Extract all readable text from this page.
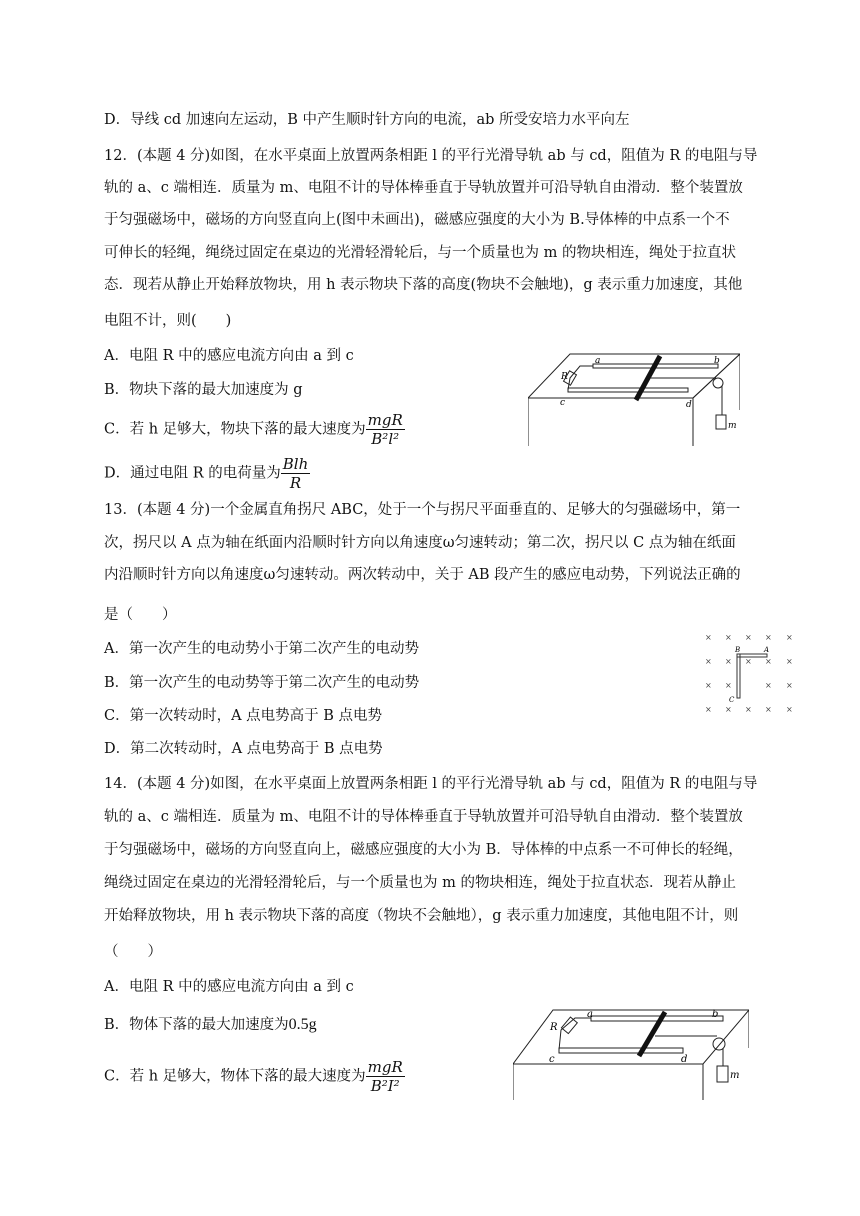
D．导线 cd 加速向左运动，B 中产生顺时针方向的电流，ab 所受安培力水平向左
12．(本题 4 分)如图，在水平桌面上放置两条相距 l 的平行光滑导轨 ab 与 cd，阻值为 R 的电阻与导
轨的 a、c 端相连．质量为 m、电阻不计的导体棒垂直于导轨放置并可沿导轨自由滑动．整个装置放
于匀强磁场中，磁场的方向竖直向上(图中未画出)，磁感应强度的大小为 B.导体棒的中点系一个不
可伸长的轻绳，绳绕过固定在桌边的光滑轻滑轮后，与一个质量也为 m 的物块相连，绳处于拉直状
态．现若从静止开始释放物块，用 h 表示物块下落的高度(物块不会触地)，g 表示重力加速度，其他
电阻不计，则(　　)
A．电阻 R 中的感应电流方向由 a 到 c
B．物块下落的最大加速度为 g
C．若 h 足够大，物块下落的最大速度为 $\frac{\text{mgR}}{\text{B²l²}}$
D．通过电阻 R 的电荷量为 $\frac{\text{Blh}}{R}$
a	b
c	d
R
m
13．(本题 4 分)一个金属直角拐尺 ABC，处于一个与拐尺平面垂直的、足够大的匀强磁场中，第一
次，拐尺以 A 点为轴在纸面内沿顺时针方向以角速度ω匀速转动；第二次，拐尺以 C 点为轴在纸面
内沿顺时针方向以角速度ω匀速转动。两次转动中，关于 AB 段产生的感应电动势，下列说法正确的
是（　　）
A．第一次产生的电动势小于第二次产生的电动势
B．第一次产生的电动势等于第二次产生的电动势
C．第一次转动时，A 点电势高于 B 点电势
D．第二次转动时，A 点电势高于 B 点电势
× × × × ×
× × × × ×
× ×	× ×
× × × × ×
B	A
C
14．(本题 4 分)如图，在水平桌面上放置两条相距 l 的平行光滑导轨 ab 与 cd，阻值为 R 的电阻与导
轨的 a、c 端相连．质量为 m、电阻不计的导体棒垂直于导轨放置并可沿导轨自由滑动．整个装置放
于匀强磁场中，磁场的方向竖直向上，磁感应强度的大小为 B．导体棒的中点系一不可伸长的轻绳，
绳绕过固定在桌边的光滑轻滑轮后，与一个质量也为 m 的物块相连，绳处于拉直状态．现若从静止
开始释放物块，用 h 表示物块下落的高度（物块不会触地），g 表示重力加速度，其他电阻不计，则
（　　）
A．电阻 R 中的感应电流方向由 a 到 c
B．物体下落的最大加速度为0.5g
C．若 h 足够大，物体下落的最大速度为 $\frac{\text{mgR}}{\text{B²I²}}$
a	b
c	d
R
m
